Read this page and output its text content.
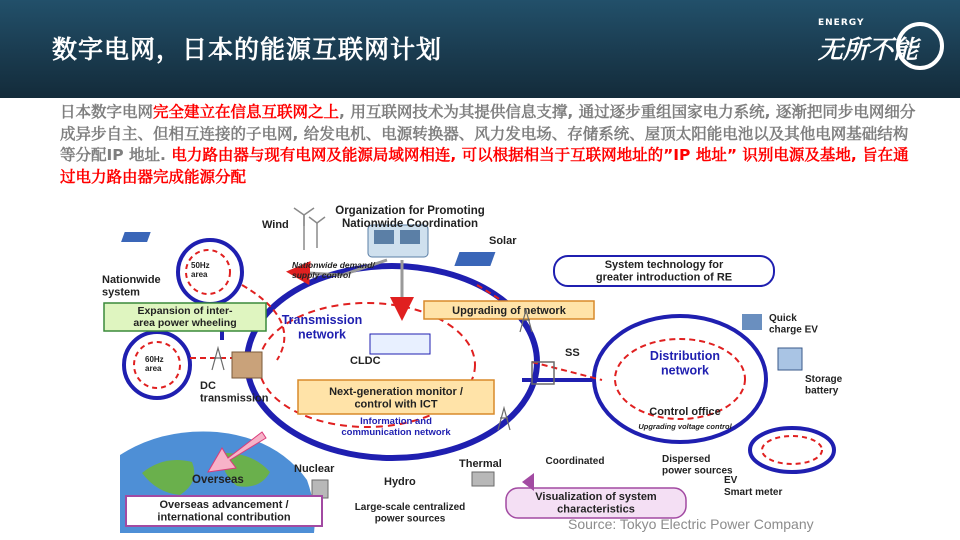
数字电网，日本的能源互联网计划
ENERGY
无所不能
日本数字电网完全建立在信息互联网之上, 用互联网技术为其提供信息支撑, 通过逐步重组国家电力系统, 逐渐把同步电网细分成异步自主、但相互连接的子电网, 给发电机、电源转换器、风力发电场、存储系统、屋顶太阳能电池以及其他电网基础结构等分配IP 地址. 电力路由器与现有电网及能源局域网相连, 可以根据相当于互联网地址的”IP 地址” 识别电源及基地, 旨在通过电力路由器完成能源分配
Organization for Promoting Nationwide Coordination
Nationwide demand/ supply control
Wind
Solar
Nationwide system
50Hz area
60Hz area
System technology for greater introduction of RE
Upgrading of network
Expansion of inter-area power wheeling	Transmission network
CLDC
SS
Next-generation monitor / control with ICT
Information and communication network
DC transmission
Distribution network
Control office
Upgrading voltage control
Quick charge EV
Storage battery
Coordinated	Dispersed power sources
EV
Smart meter
Overseas
Nuclear
Hydro
Thermal
Large-scale centralized power sources
Visualization of system characteristics
Overseas advancement / international contribution	Source: Tokyo Electric Power Company
